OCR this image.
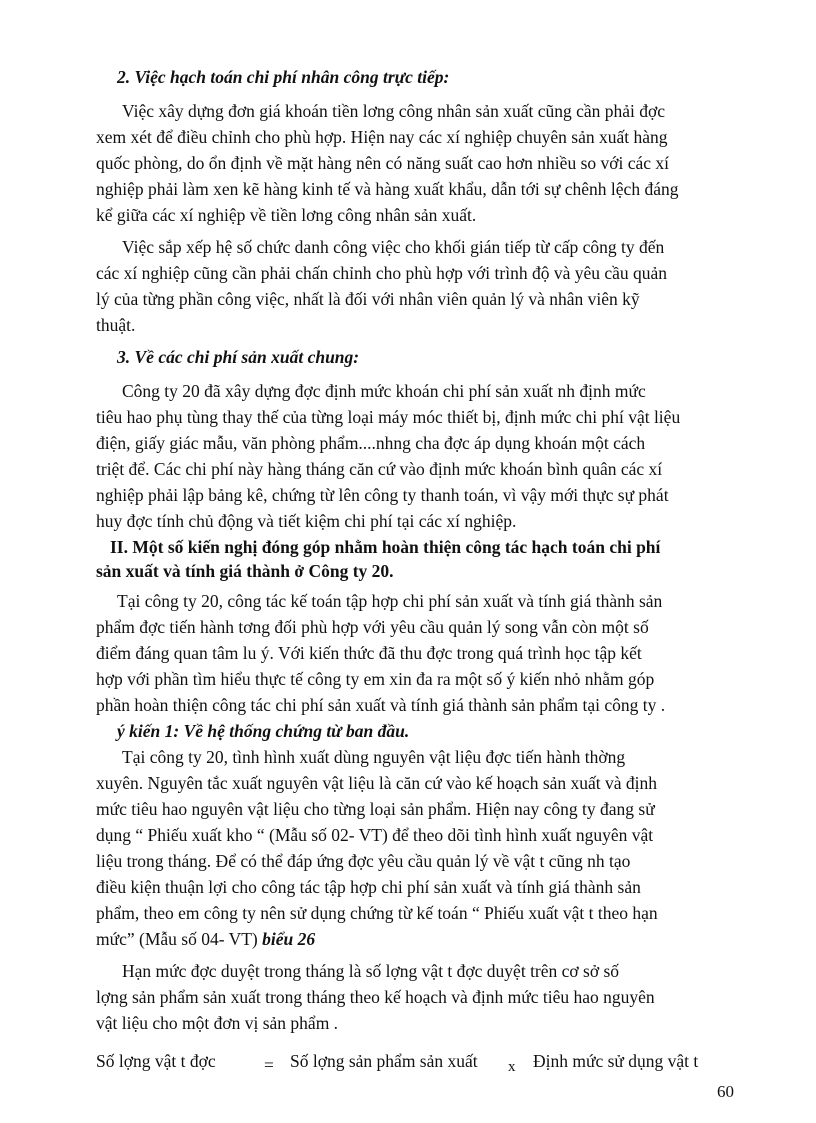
2. Việc hạch toán chi phí nhân công trực tiếp:
Việc xây dựng đơn giá khoán tiền lơng công nhân sản xuất cũng cần phải đợc
xem xét để điều chỉnh cho phù hợp. Hiện nay các xí nghiệp chuyên sản xuất hàng
quốc phòng, do ổn định về mặt hàng nên có năng suất cao hơn nhiều so với các xí
nghiệp phải làm xen kẽ hàng kinh tế và hàng xuất khẩu, dẫn tới sự chênh lệch đáng
kể giữa các xí nghiệp về tiền lơng công nhân sản xuất.
Việc sắp xếp hệ số chức danh công việc cho khối gián tiếp từ cấp công ty đến
các xí nghiệp cũng cần phải chấn chỉnh cho phù hợp với trình độ và yêu cầu quản
lý của từng phần công việc, nhất là đối với nhân viên quản lý và nhân viên kỹ
thuật.
3. Về các chi phí sản xuất chung:
Công ty 20 đã xây dựng đợc định mức khoán chi phí sản xuất nh định mức
tiêu hao phụ tùng thay thế của từng loại máy móc thiết bị, định mức chi phí vật liệu
điện, giấy giác mẫu, văn phòng phẩm....nhng cha đợc áp dụng khoán một cách
triệt để. Các chi phí này hàng tháng căn cứ vào định mức khoán bình quân các xí
nghiệp phải lập bảng kê, chứng từ lên công ty thanh toán, vì vậy mới thực sự phát
huy đợc tính chủ động và tiết kiệm chi phí tại các xí nghiệp.
II. Một số kiến nghị đóng góp nhằm hoàn thiện công tác hạch toán chi phí
sản xuất và tính giá thành ở Công ty 20.
Tại công ty 20, công tác kế toán tập hợp chi phí sản xuất và tính giá thành sản
phẩm đợc tiến hành tơng đối phù hợp với yêu cầu quản lý song vẫn còn một số
điểm đáng quan tâm lu ý. Với kiến thức đã thu đợc trong quá trình học tập kết
hợp với phần tìm hiểu thực tế công ty em xin đa ra một số ý kiến nhỏ nhằm góp
phần hoàn thiện công tác chi phí sản xuất và tính giá thành sản phẩm tại công ty .
ý kiến 1: Về hệ thống chứng từ ban đầu.
Tại công ty 20, tình hình xuất dùng nguyên vật liệu đợc tiến hành thờng
xuyên. Nguyên tắc xuất nguyên vật liệu là căn cứ vào kế hoạch sản xuất và định
mức tiêu hao nguyên vật liệu cho từng loại sản phẩm. Hiện nay công ty đang sử
dụng “ Phiếu xuất kho “ (Mẫu số 02- VT) để theo dõi tình hình xuất nguyên vật
liệu trong tháng. Để có thể đáp ứng đợc yêu cầu quản lý về vật t cũng nh tạo
điều kiện thuận lợi cho công tác tập hợp chi phí sản xuất và tính giá thành sản
phẩm, theo em công ty nên sử dụng chứng từ kế toán “ Phiếu xuất vật t theo hạn
mức” (Mẫu số 04- VT) biểu 26
Hạn mức đợc duyệt trong tháng là số lợng vật t đợc duyệt trên cơ sở số
lợng sản phẩm sản xuất trong tháng theo kế hoạch và định mức tiêu hao nguyên
vật liệu cho một đơn vị sản phẩm .
Số lợng vật t đợc	= Số lợng sản phẩm sản xuất x Định mức sử dụng vật t
60
